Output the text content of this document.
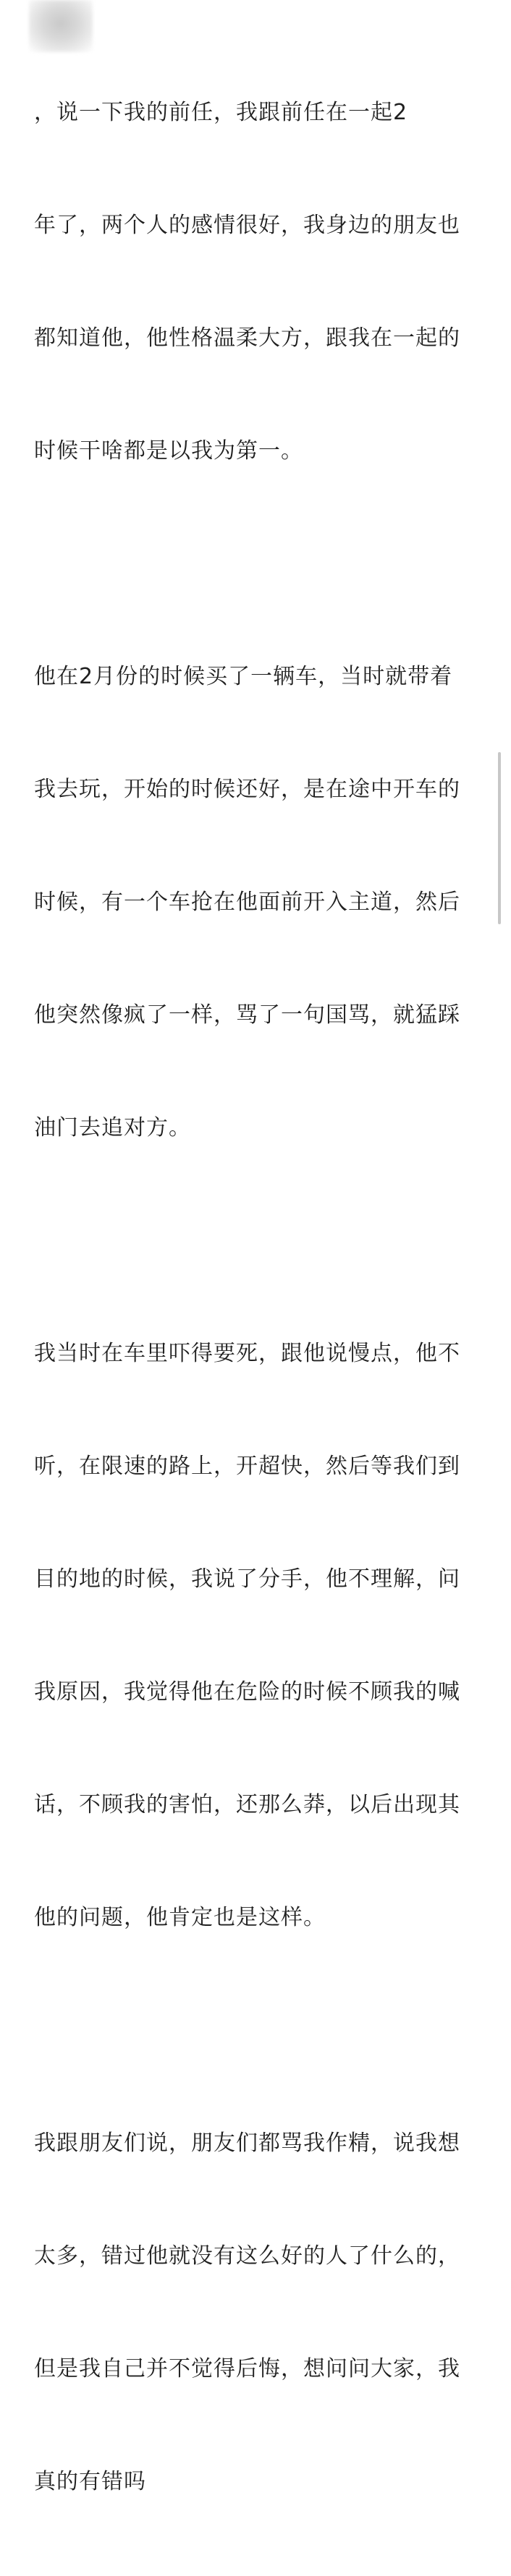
，说一下我的前任，我跟前任在一起2

年了，两个人的感情很好，我身边的朋友也

都知道他，他性格温柔大方，跟我在一起的

时候干啥都是以我为第一。

他在2月份的时候买了一辆车，当时就带着

我去玩，开始的时候还好，是在途中开车的

时候，有一个车抢在他面前开入主道，然后

他突然像疯了一样，骂了一句国骂，就猛踩

油门去追对方。

我当时在车里吓得要死，跟他说慢点，他不

听，在限速的路上，开超快，然后等我们到

目的地的时候，我说了分手，他不理解，问

我原因，我觉得他在危险的时候不顾我的喊

话，不顾我的害怕，还那么莽，以后出现其

他的问题，他肯定也是这样。

我跟朋友们说，朋友们都骂我作精，说我想

太多，错过他就没有这么好的人了什么的，

但是我自己并不觉得后悔，想问问大家，我

真的有错吗
